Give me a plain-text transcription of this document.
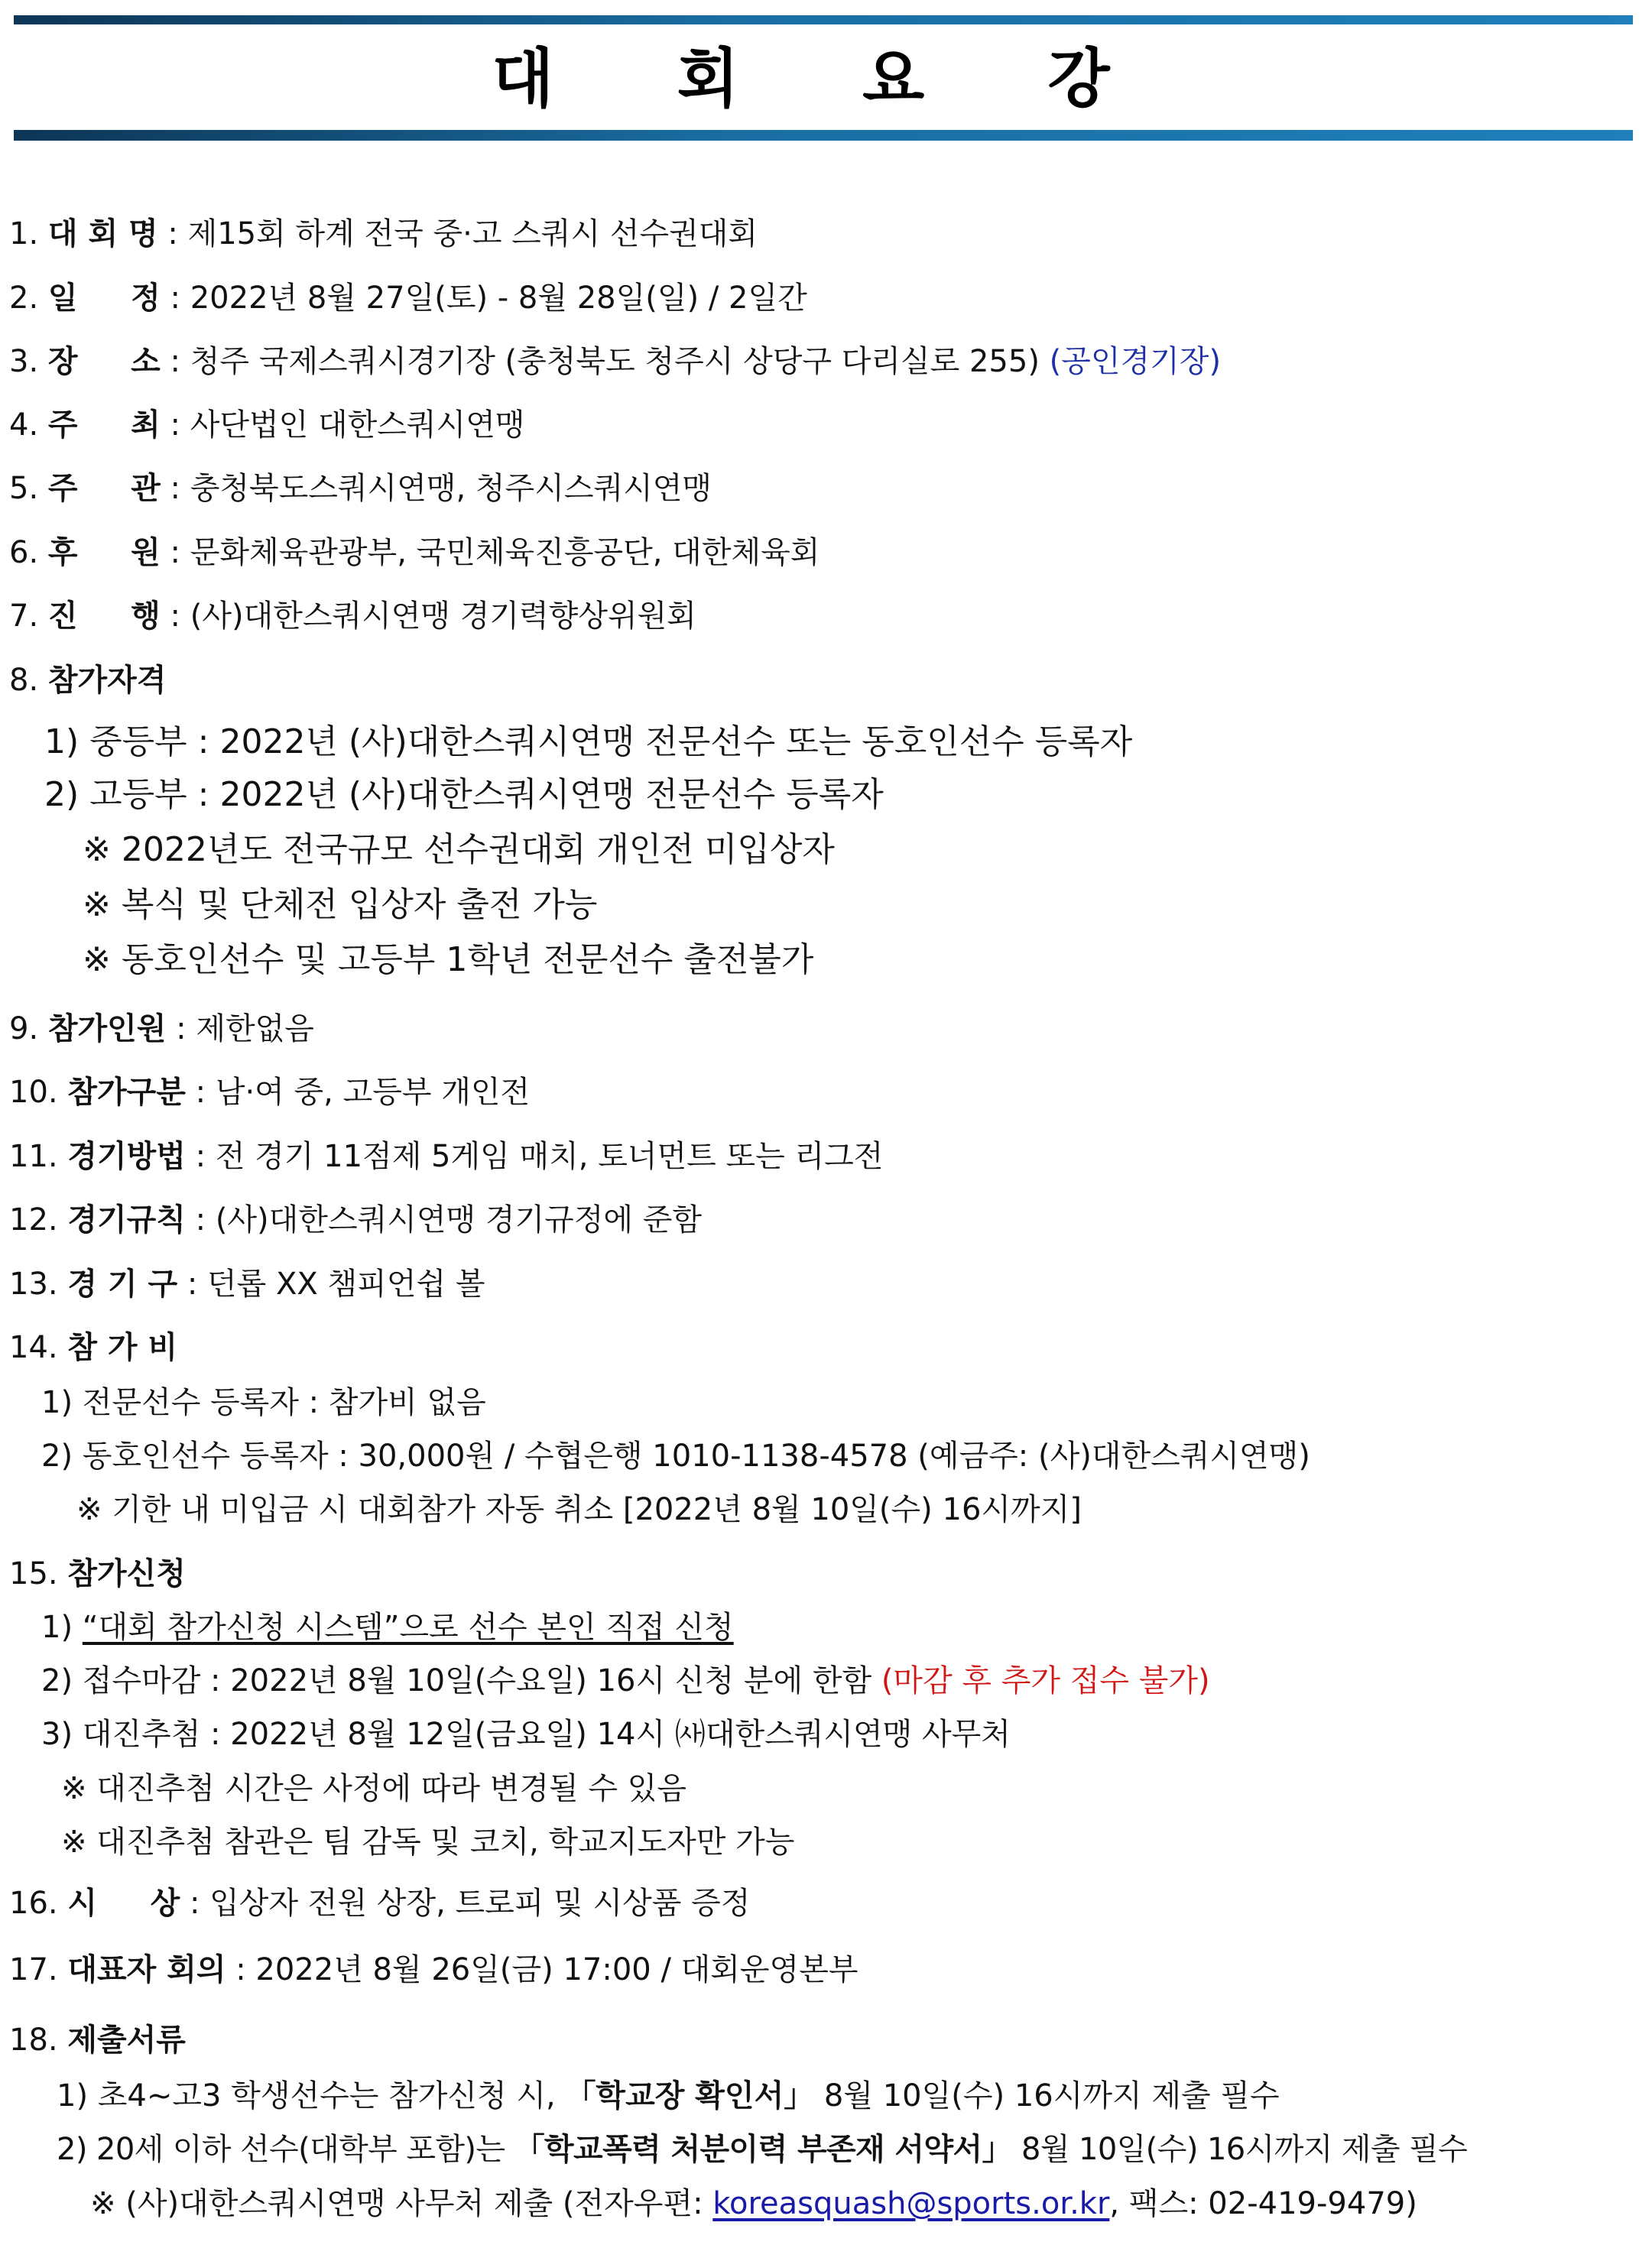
대 회 요 강
1. 대 회 명 : 제15회 하계 전국 중·고 스쿼시 선수권대회
2. 일     정 : 2022년 8월 27일(토) - 8월 28일(일) / 2일간
3. 장     소 : 청주 국제스쿼시경기장 (충청북도 청주시 상당구 다리실로 255) (공인경기장)
4. 주     최 : 사단법인 대한스쿼시연맹
5. 주     관 : 충청북도스쿼시연맹, 청주시스쿼시연맹
6. 후     원 : 문화체육관광부, 국민체육진흥공단, 대한체육회
7. 진     행 : (사)대한스쿼시연맹 경기력향상위원회
8. 참가자격
1) 중등부 : 2022년 (사)대한스쿼시연맹 전문선수 또는 동호인선수 등록자
2) 고등부 : 2022년 (사)대한스쿼시연맹 전문선수 등록자
※ 2022년도 전국규모 선수권대회 개인전 미입상자
※ 복식 및 단체전 입상자 출전 가능
※ 동호인선수 및 고등부 1학년 전문선수 출전불가
9. 참가인원 : 제한없음
10. 참가구분 : 남·여 중, 고등부 개인전
11. 경기방법 : 전 경기 11점제 5게임 매치, 토너먼트 또는 리그전
12. 경기규칙 : (사)대한스쿼시연맹 경기규정에 준함
13. 경 기 구 : 던롭 XX 챔피언쉽 볼
14. 참 가 비
1) 전문선수 등록자 : 참가비 없음
2) 동호인선수 등록자 : 30,000원 / 수협은행 1010-1138-4578 (예금주: (사)대한스쿼시연맹)
※ 기한 내 미입금 시 대회참가 자동 취소 [2022년 8월 10일(수) 16시까지]
15. 참가신청
1) “대회 참가신청 시스템”으로 선수 본인 직접 신청
2) 접수마감 : 2022년 8월 10일(수요일) 16시 신청 분에 한함 (마감 후 추가 접수 불가)
3) 대진추첨 : 2022년 8월 12일(금요일) 14시 ㈔대한스쿼시연맹 사무처
※ 대진추첨 시간은 사정에 따라 변경될 수 있음
※ 대진추첨 참관은 팀 감독 및 코치, 학교지도자만 가능
16. 시     상 : 입상자 전원 상장, 트로피 및 시상품 증정
17. 대표자 회의 : 2022년 8월 26일(금) 17:00 / 대회운영본부
18. 제출서류
1) 초4~고3 학생선수는 참가신청 시, 「학교장 확인서」 8월 10일(수) 16시까지 제출 필수
2) 20세 이하 선수(대학부 포함)는 「학교폭력 처분이력 부존재 서약서」 8월 10일(수) 16시까지 제출 필수
※ (사)대한스쿼시연맹 사무처 제출 (전자우편: koreasquash@sports.or.kr, 팩스: 02-419-9479)
